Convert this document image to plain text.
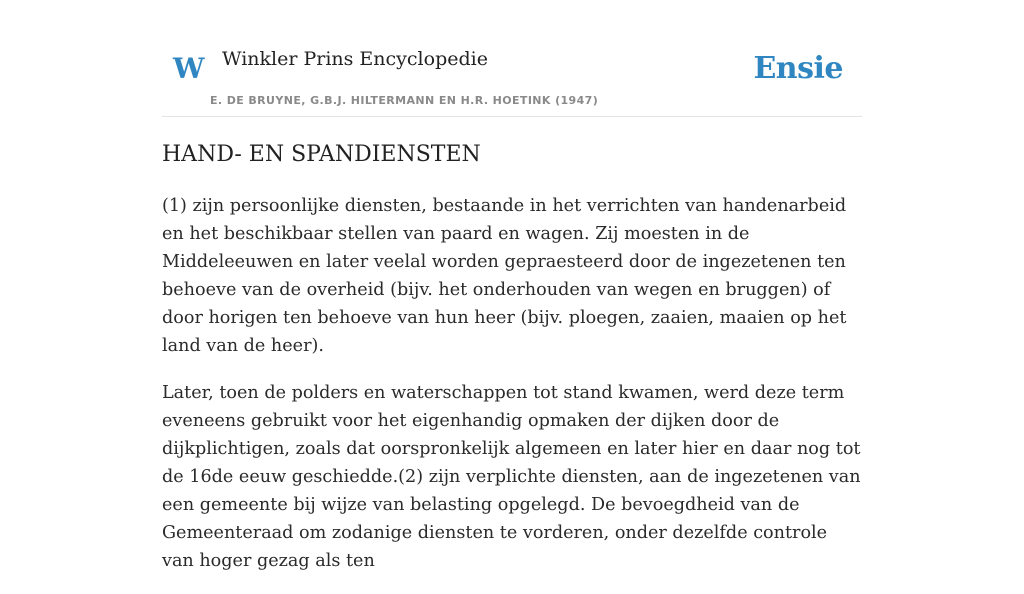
W Winkler Prins Encyclopedie
E. DE BRUYNE, G.B.J. HILTERMANN EN H.R. HOETINK (1947)
Ensie
HAND- EN SPANDIENSTEN

(1) zijn persoonlijke diensten, bestaande in het verrichten van handenarbeid en het beschikbaar stellen van paard en wagen. Zij moesten in de Middeleeuwen en later veelal worden gepraesteerd door de ingezetenen ten behoeve van de overheid (bijv. het onderhouden van wegen en bruggen) of door horigen ten behoeve van hun heer (bijv. ploegen, zaaien, maaien op het land van de heer).

Later, toen de polders en waterschappen tot stand kwamen, werd deze term eveneens gebruikt voor het eigenhandig opmaken der dijken door de dijkplichtigen, zoals dat oorspronkelijk algemeen en later hier en daar nog tot de 16de eeuw geschiedde.(2) zijn verplichte diensten, aan de ingezetenen van een gemeente bij wijze van belasting opgelegd. De bevoegdheid van de Gemeenteraad om zodanige diensten te vorderen, onder dezelfde controle van hoger gezag als ten
